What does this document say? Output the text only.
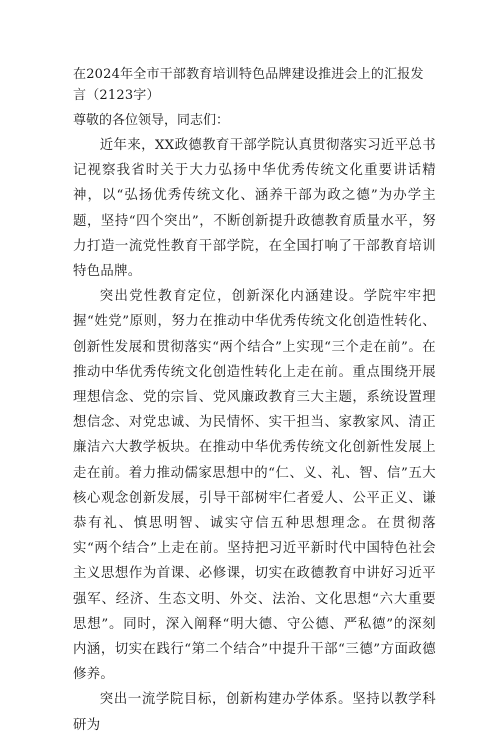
在2024年全市干部教育培训特色品牌建设推进会上的汇报发言（2123字）

尊敬的各位领导，同志们：

近年来，XX政德教育干部学院认真贯彻落实习近平总书记视察我省时关于大力弘扬中华优秀传统文化重要讲话精神，以“弘扬优秀传统文化、涵养干部为政之德”为办学主题，坚持“四个突出”，不断创新提升政德教育质量水平，努力打造一流党性教育干部学院，在全国打响了干部教育培训特色品牌。

突出党性教育定位，创新深化内涵建设。学院牢牢把握“姓党”原则，努力在推动中华优秀传统文化创造性转化、创新性发展和贯彻落实“两个结合”上实现“三个走在前”。在推动中华优秀传统文化创造性转化上走在前。重点围绕开展理想信念、党的宗旨、党风廉政教育三大主题，系统设置理想信念、对党忠诚、为民情怀、实干担当、家教家风、清正廉洁六大教学板块。在推动中华优秀传统文化创新性发展上走在前。着力推动儒家思想中的“仁、义、礼、智、信”五大核心观念创新发展，引导干部树牢仁者爱人、公平正义、谦恭有礼、慎思明智、诚实守信五种思想理念。在贯彻落实“两个结合”上走在前。坚持把习近平新时代中国特色社会主义思想作为首课、必修课，切实在政德教育中讲好习近平强军、经济、生态文明、外交、法治、文化思想“六大重要思想”。同时，深入阐释“明大德、守公德、严私德”的深刻内涵，切实在践行“第二个结合”中提升干部“三德”方面政德修养。

突出一流学院目标，创新构建办学体系。坚持以教学科研为
